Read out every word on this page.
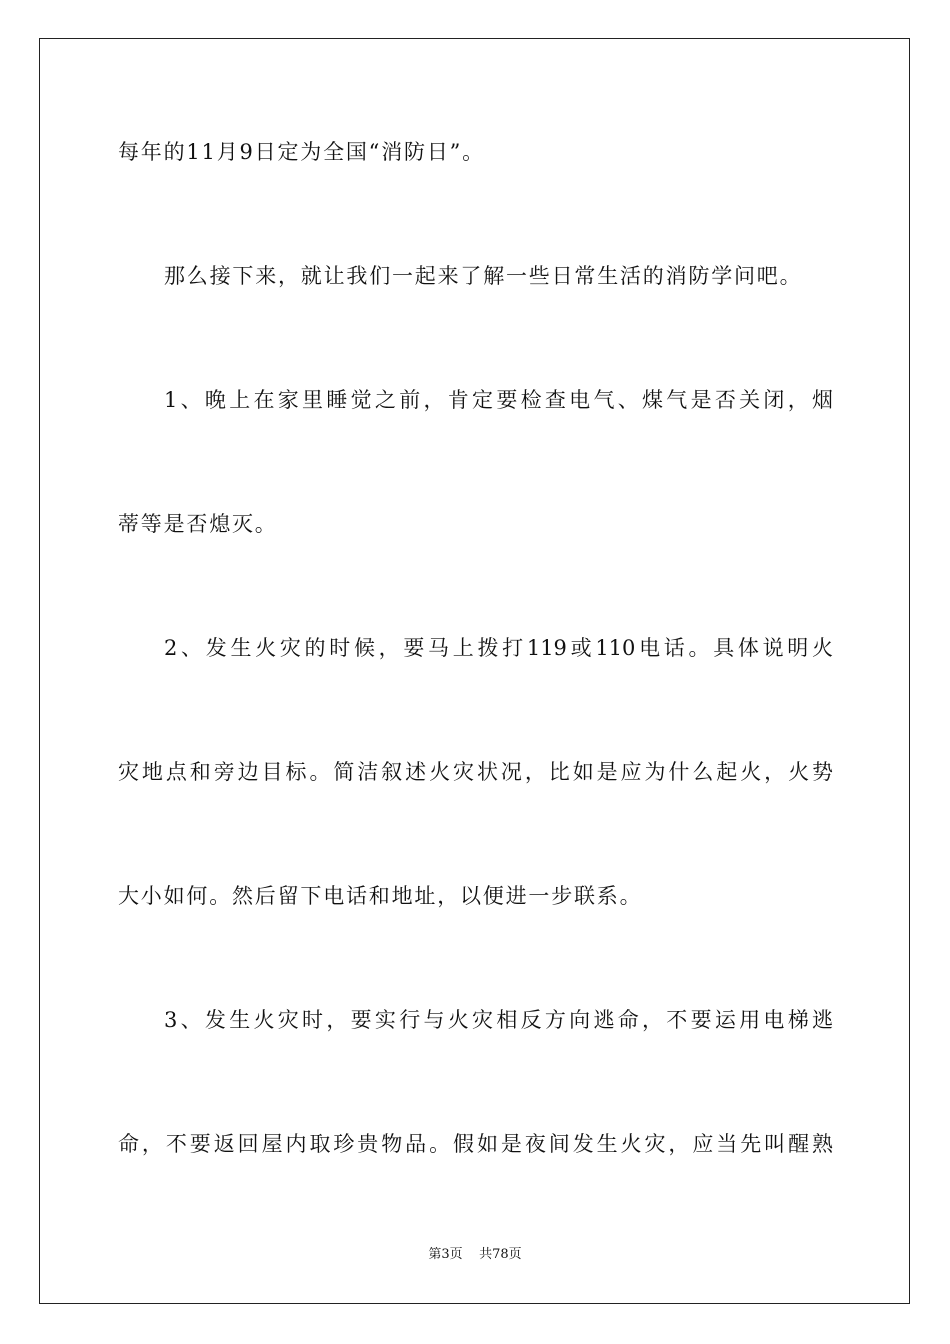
每年的11月9日定为全国“消防日”。

那么接下来，就让我们一起来了解一些日常生活的消防学问吧。

1、晚上在家里睡觉之前，肯定要检查电气、煤气是否关闭，烟

蒂等是否熄灭。

2、发生火灾的时候，要马上拨打119或110电话。具体说明火

灾地点和旁边目标。简洁叙述火灾状况，比如是应为什么起火，火势

大小如何。然后留下电话和地址，以便进一步联系。

3、发生火灾时，要实行与火灾相反方向逃命，不要运用电梯逃

命，不要返回屋内取珍贵物品。假如是夜间发生火灾，应当先叫醒熟

第3页 共78页
